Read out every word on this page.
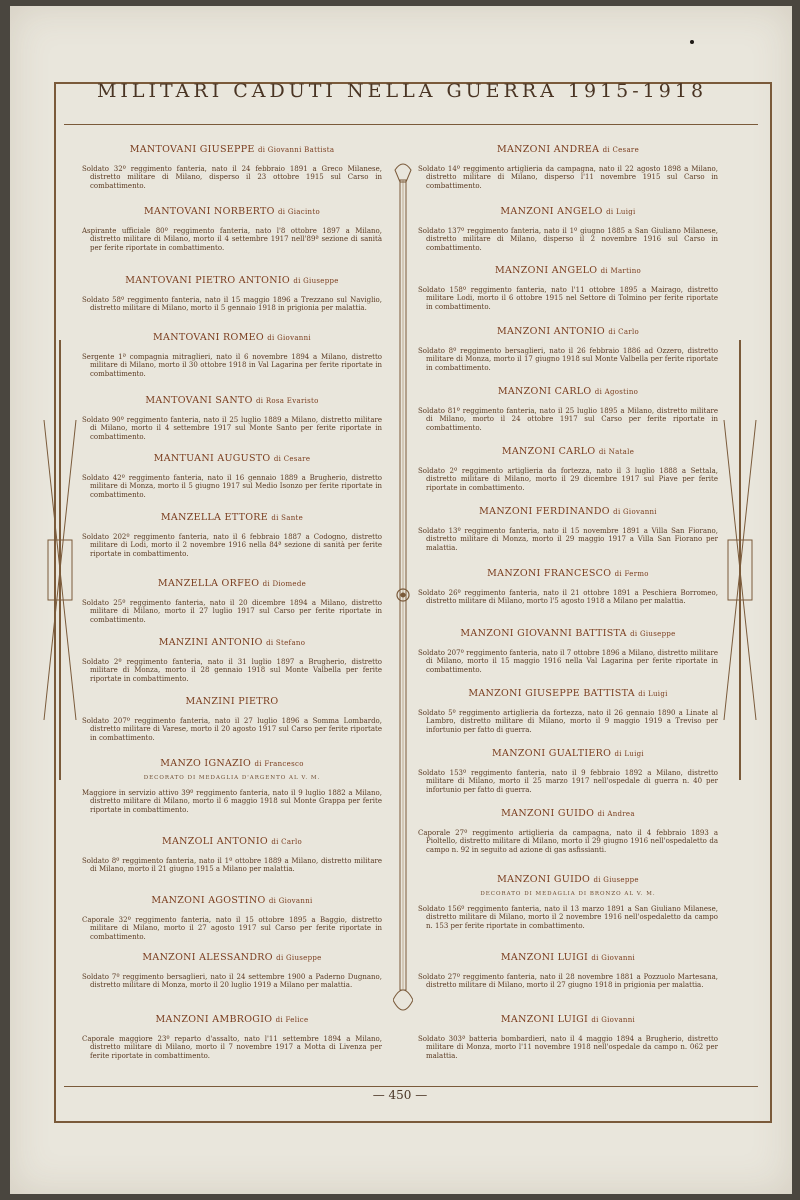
MILITARI CADUTI NELLA GUERRA 1915-1918
MANTOVANI GIUSEPPE di Giovanni Battista
Soldato 32º reggimento fanteria, nato il 24 febbraio 1891 a Greco Milanese, distretto militare di Milano, disperso il 23 ottobre 1915 sul Carso in combattimento.
MANTOVANI NORBERTO di Giacinto
Aspirante ufficiale 80º reggimento fanteria, nato l'8 ottobre 1897 a Milano, distretto militare di Milano, morto il 4 settembre 1917 nell'89ª sezione di sanità per ferite riportate in combattimento.
MANTOVANI PIETRO ANTONIO di Giuseppe
Soldato 58º reggimento fanteria, nato il 15 maggio 1896 a Trezzano sul Naviglio, distretto militare di Milano, morto il 5 gennaio 1918 in prigionia per malattia.
MANTOVANI ROMEO di Giovanni
Sergente 1ª compagnia mitraglieri, nato il 6 novembre 1894 a Milano, distretto militare di Milano, morto il 30 ottobre 1918 in Val Lagarina per ferite riportate in combattimento.
MANTOVANI SANTO di Rosa Evaristo
Soldato 90º reggimento fanteria, nato il 25 luglio 1889 a Milano, distretto militare di Milano, morto il 4 settembre 1917 sul Monte Santo per ferite riportate in combattimento.
MANTUANI AUGUSTO di Cesare
Soldato 42º reggimento fanteria, nato il 16 gennaio 1889 a Brugherio, distretto militare di Monza, morto il 5 giugno 1917 sul Medio Isonzo per ferite riportate in combattimento.
MANZELLA ETTORE di Sante
Soldato 202º reggimento fanteria, nato il 6 febbraio 1887 a Codogno, distretto militare di Lodi, morto il 2 novembre 1916 nella 84ª sezione di sanità per ferite riportate in combattimento.
MANZELLA ORFEO di Diomede
Soldato 25º reggimento fanteria, nato il 20 dicembre 1894 a Milano, distretto militare di Milano, morto il 27 luglio 1917 sul Carso per ferite riportate in combattimento.
MANZINI ANTONIO di Stefano
Soldato 2º reggimento fanteria, nato il 31 luglio 1897 a Brugherio, distretto militare di Monza, morto il 28 gennaio 1918 sul Monte Valbella per ferite riportate in combattimento.
MANZINI PIETRO
Soldato 207º reggimento fanteria, nato il 27 luglio 1896 a Somma Lombardo, distretto militare di Varese, morto il 20 agosto 1917 sul Carso per ferite riportate in combattimento.
MANZO IGNAZIO di Francesco
DECORATO DI MEDAGLIA D'ARGENTO AL V. M.
Maggiore in servizio attivo 39º reggimento fanteria, nato il 9 luglio 1882 a Milano, distretto militare di Milano, morto il 6 maggio 1918 sul Monte Grappa per ferite riportate in combattimento.
MANZOLI ANTONIO di Carlo
Soldato 8º reggimento fanteria, nato il 1º ottobre 1889 a Milano, distretto militare di Milano, morto il 21 giugno 1915 a Milano per malattia.
MANZONI AGOSTINO di Giovanni
Caporale 32º reggimento fanteria, nato il 15 ottobre 1895 a Baggio, distretto militare di Milano, morto il 27 agosto 1917 sul Carso per ferite riportate in combattimento.
MANZONI ALESSANDRO di Giuseppe
Soldato 7º reggimento bersaglieri, nato il 24 settembre 1900 a Paderno Dugnano, distretto militare di Monza, morto il 20 luglio 1919 a Milano per malattia.
MANZONI AMBROGIO di Felice
Caporale maggiore 23º reparto d'assalto, nato l'11 settembre 1894 a Milano, distretto militare di Milano, morto il 7 novembre 1917 a Motta di Livenza per ferite riportate in combattimento.
MANZONI ANDREA di Cesare
Soldato 14º reggimento artiglieria da campagna, nato il 22 agosto 1898 a Milano, distretto militare di Milano, disperso l'11 novembre 1915 sul Carso in combattimento.
MANZONI ANGELO di Luigi
Soldato 137º reggimento fanteria, nato il 1º giugno 1885 a San Giuliano Milanese, distretto militare di Milano, disperso il 2 novembre 1916 sul Carso in combattimento.
MANZONI ANGELO di Martino
Soldato 158º reggimento fanteria, nato l'11 ottobre 1895 a Mairago, distretto militare Lodi, morto il 6 ottobre 1915 nel Settore di Tolmino per ferite riportate in combattimento.
MANZONI ANTONIO di Carlo
Soldato 8º reggimento bersaglieri, nato il 26 febbraio 1886 ad Ozzero, distretto militare di Monza, morto il 17 giugno 1918 sul Monte Valbella per ferite riportate in combattimento.
MANZONI CARLO di Agostino
Soldato 81º reggimento fanteria, nato il 25 luglio 1895 a Milano, distretto militare di Milano, morto il 24 ottobre 1917 sul Carso per ferite riportate in combattimento.
MANZONI CARLO di Natale
Soldato 2º reggimento artiglieria da fortezza, nato il 3 luglio 1888 a Settala, distretto militare di Milano, morto il 29 dicembre 1917 sul Piave per ferite riportate in combattimento.
MANZONI FERDINANDO di Giovanni
Soldato 13º reggimento fanteria, nato il 15 novembre 1891 a Villa San Fiorano, distretto militare di Monza, morto il 29 maggio 1917 a Villa San Fiorano per malattia.
MANZONI FRANCESCO di Fermo
Soldato 26º reggimento fanteria, nato il 21 ottobre 1891 a Peschiera Borromeo, distretto militare di Milano, morto l'5 agosto 1918 a Milano per malattia.
MANZONI GIOVANNI BATTISTA di Giuseppe
Soldato 207º reggimento fanteria, nato il 7 ottobre 1896 a Milano, distretto militare di Milano, morto il 15 maggio 1916 nella Val Lagarina per ferite riportate in combattimento.
MANZONI GIUSEPPE BATTISTA di Luigi
Soldato 5º reggimento artiglieria da fortezza, nato il 26 gennaio 1890 a Linate al Lambro, distretto militare di Milano, morto il 9 maggio 1919 a Treviso per infortunio per fatto di guerra.
MANZONI GUALTIERO di Luigi
Soldato 153º reggimento fanteria, nato il 9 febbraio 1892 a Milano, distretto militare di Milano, morto il 25 marzo 1917 nell'ospedale di guerra n. 40 per infortunio per fatto di guerra.
MANZONI GUIDO di Andrea
Caporale 27º reggimento artiglieria da campagna, nato il 4 febbraio 1893 a Pioltello, distretto militare di Milano, morto il 29 giugno 1916 nell'ospedaletto da campo n. 92 in seguito ad azione di gas asfissianti.
MANZONI GUIDO di Giuseppe
DECORATO DI MEDAGLIA DI BRONZO AL V. M.
Soldato 156º reggimento fanteria, nato il 13 marzo 1891 a San Giuliano Milanese, distretto militare di Milano, morto il 2 novembre 1916 nell'ospedaletto da campo n. 153 per ferite riportate in combattimento.
MANZONI LUIGI di Giovanni
Soldato 27º reggimento fanteria, nato il 28 novembre 1881 a Pozzuolo Martesana, distretto militare di Milano, morto il 27 giugno 1918 in prigionia per malattia.
MANZONI LUIGI di Giovanni
Soldato 303ª batteria bombardieri, nato il 4 maggio 1894 a Brugherio, distretto militare di Monza, morto l'11 novembre 1918 nell'ospedale da campo n. 062 per malattia.
— 450 —
